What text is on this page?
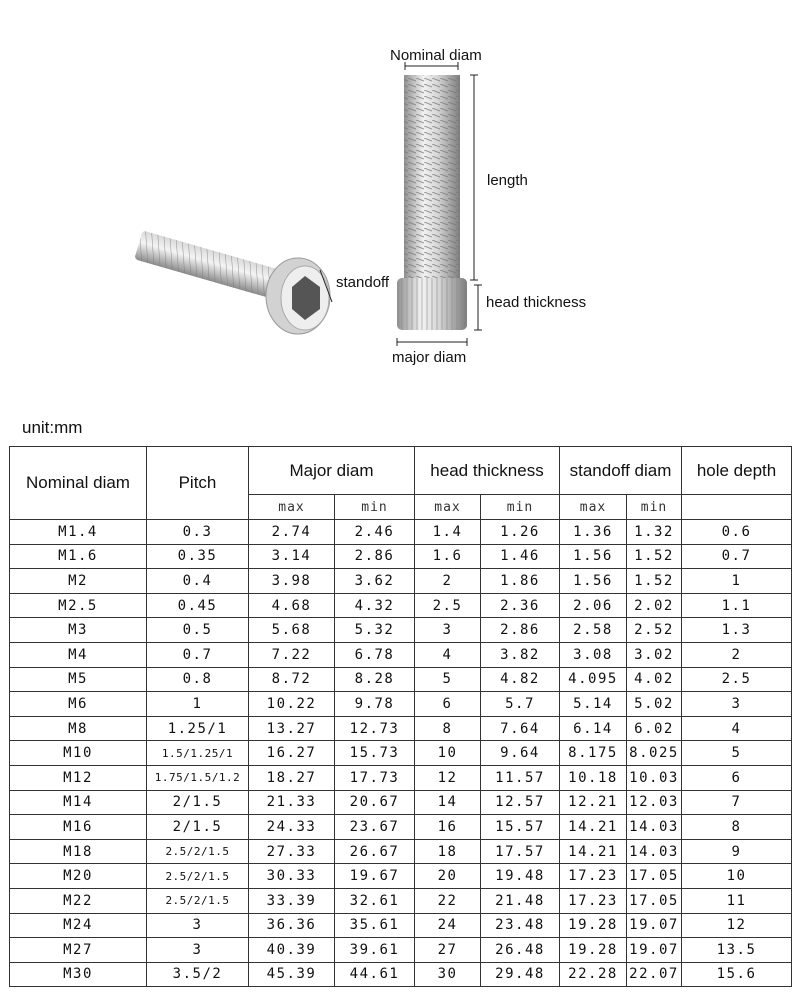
Nominal diam
length
standoff
head thickness
major diam
unit:mm
Nominal diam	Pitch	Major diam		head thickness		standoff diam		hole depth
		max	min	max	min	max	min	
M1.4	0.3	2.74	2.46	1.4	1.26	1.36	1.32	0.6
M1.6	0.35	3.14	2.86	1.6	1.46	1.56	1.52	0.7
M2	0.4	3.98	3.62	2	1.86	1.56	1.52	1
M2.5	0.45	4.68	4.32	2.5	2.36	2.06	2.02	1.1
M3	0.5	5.68	5.32	3	2.86	2.58	2.52	1.3
M4	0.7	7.22	6.78	4	3.82	3.08	3.02	2
M5	0.8	8.72	8.28	5	4.82	4.095	4.02	2.5
M6	1	10.22	9.78	6	5.7	5.14	5.02	3
M8	1.25/1	13.27	12.73	8	7.64	6.14	6.02	4
M10	1.5/1.25/1	16.27	15.73	10	9.64	8.175	8.025	5
M12	1.75/1.5/1.2	18.27	17.73	12	11.57	10.18	10.03	6
M14	2/1.5	21.33	20.67	14	12.57	12.21	12.03	7
M16	2/1.5	24.33	23.67	16	15.57	14.21	14.03	8
M18	2.5/2/1.5	27.33	26.67	18	17.57	14.21	14.03	9
M20	2.5/2/1.5	30.33	19.67	20	19.48	17.23	17.05	10
M22	2.5/2/1.5	33.39	32.61	22	21.48	17.23	17.05	11
M24	3	36.36	35.61	24	23.48	19.28	19.07	12
M27	3	40.39	39.61	27	26.48	19.28	19.07	13.5
M30	3.5/2	45.39	44.61	30	29.48	22.28	22.07	15.6
